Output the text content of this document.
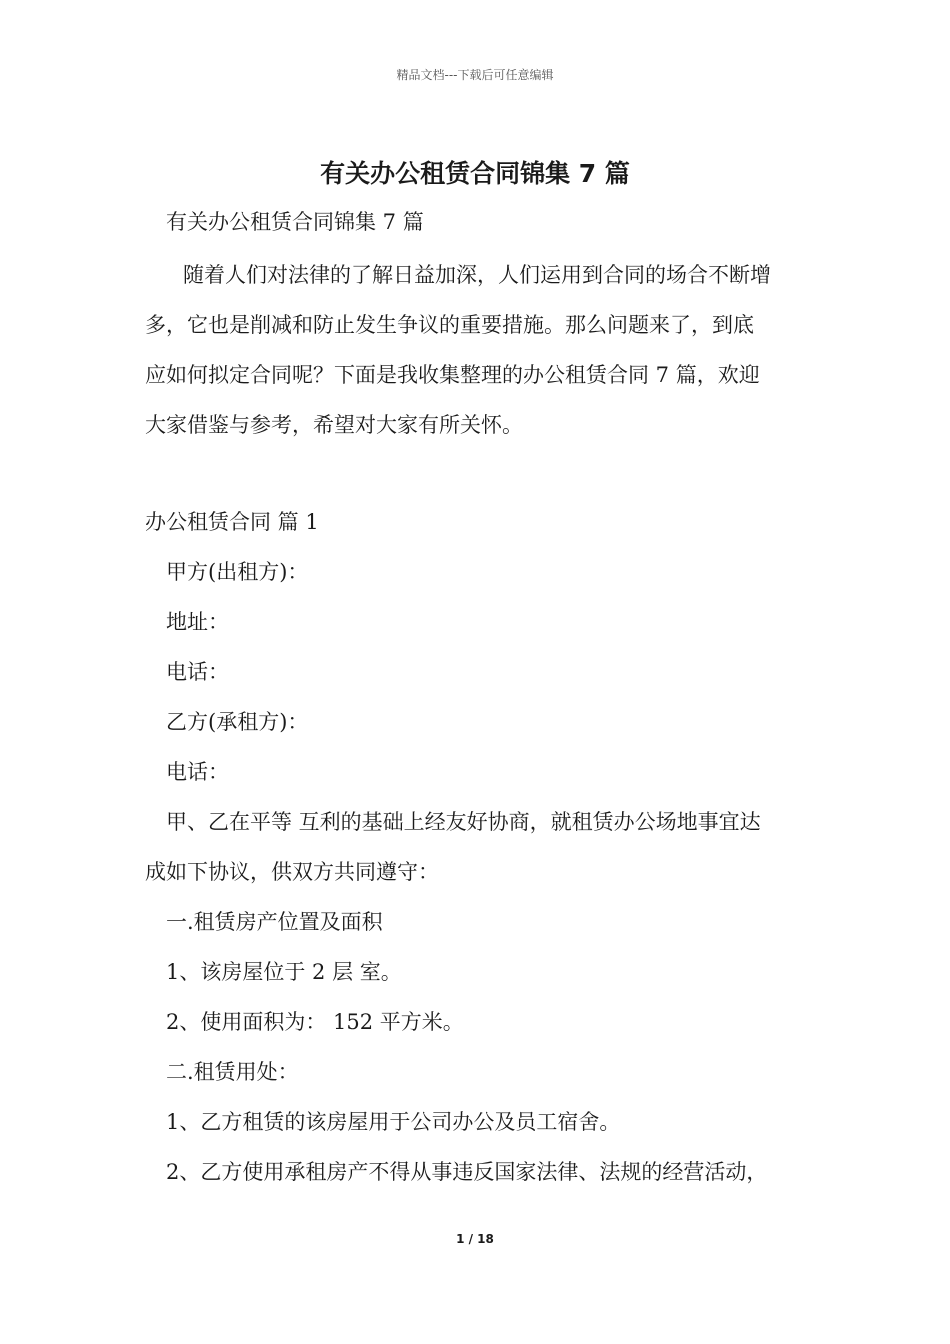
精品文档---下载后可任意编辑
有关办公租赁合同锦集 7 篇

有关办公租赁合同锦集 7 篇

随着人们对法律的了解日益加深，人们运用到合同的场合不断增

多，它也是削减和防止发生争议的重要措施。那么问题来了，到底

应如何拟定合同呢？下面是我收集整理的办公租赁合同 7 篇，欢迎

大家借鉴与参考，希望对大家有所关怀。

办公租赁合同 篇 1

甲方(出租方)：

地址：

电话：

乙方(承租方)：

电话：

甲、乙在平等 互利的基础上经友好协商，就租赁办公场地事宜达

成如下协议，供双方共同遵守：

一.租赁房产位置及面积

1、该房屋位于 2 层 室。

2、使用面积为： 152 平方米。

二.租赁用处：

1、乙方租赁的该房屋用于公司办公及员工宿舍。

2、乙方使用承租房产不得从事违反国家法律、法规的经营活动，

1 / 18
